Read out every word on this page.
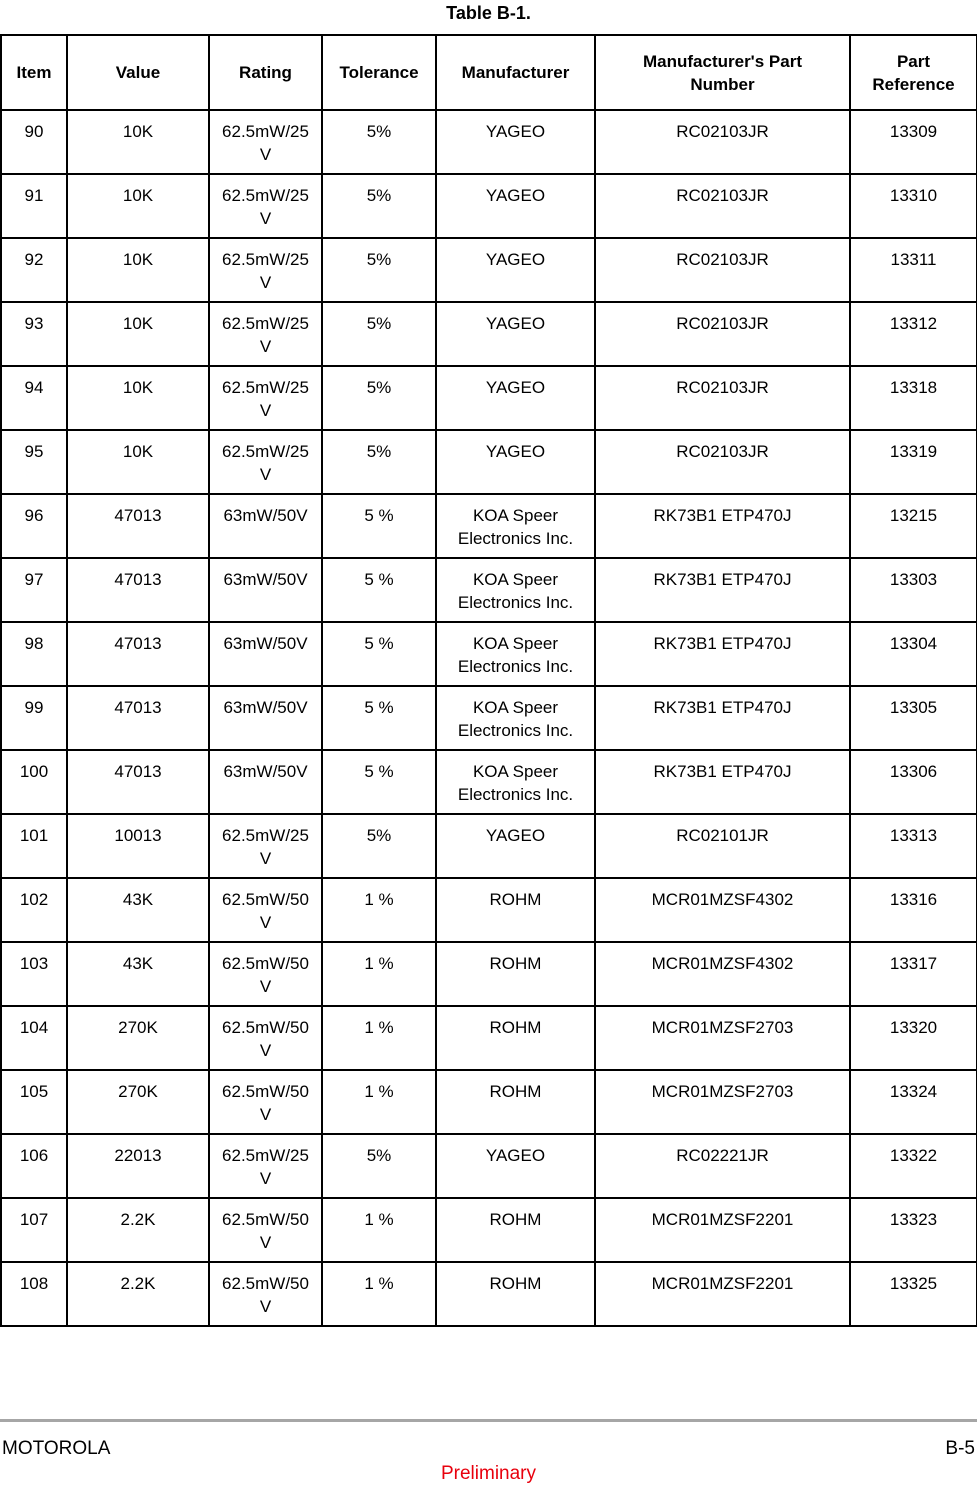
Table B-1.
Item	Value	Rating	Tolerance	Manufacturer	Manufacturer's Part Number	Part Reference
90	10K	62.5mW/25V	5%	YAGEO	RC02103JR	13309
91	10K	62.5mW/25V	5%	YAGEO	RC02103JR	13310
92	10K	62.5mW/25V	5%	YAGEO	RC02103JR	13311
93	10K	62.5mW/25V	5%	YAGEO	RC02103JR	13312
94	10K	62.5mW/25V	5%	YAGEO	RC02103JR	13318
95	10K	62.5mW/25V	5%	YAGEO	RC02103JR	13319
96	47013	63mW/50V	5 %	KOA Speer Electronics Inc.	RK73B1 ETP470J	13215
97	47013	63mW/50V	5 %	KOA Speer Electronics Inc.	RK73B1 ETP470J	13303
98	47013	63mW/50V	5 %	KOA Speer Electronics Inc.	RK73B1 ETP470J	13304
99	47013	63mW/50V	5 %	KOA Speer Electronics Inc.	RK73B1 ETP470J	13305
100	47013	63mW/50V	5 %	KOA Speer Electronics Inc.	RK73B1 ETP470J	13306
101	10013	62.5mW/25V	5%	YAGEO	RC02101JR	13313
102	43K	62.5mW/50V	1 %	ROHM	MCR01MZSF4302	13316
103	43K	62.5mW/50V	1 %	ROHM	MCR01MZSF4302	13317
104	270K	62.5mW/50V	1 %	ROHM	MCR01MZSF2703	13320
105	270K	62.5mW/50V	1 %	ROHM	MCR01MZSF2703	13324
106	22013	62.5mW/25V	5%	YAGEO	RC02221JR	13322
107	2.2K	62.5mW/50V	1 %	ROHM	MCR01MZSF2201	13323
108	2.2K	62.5mW/50V	1 %	ROHM	MCR01MZSF2201	13325
MOTOROLA	B-5
Preliminary
